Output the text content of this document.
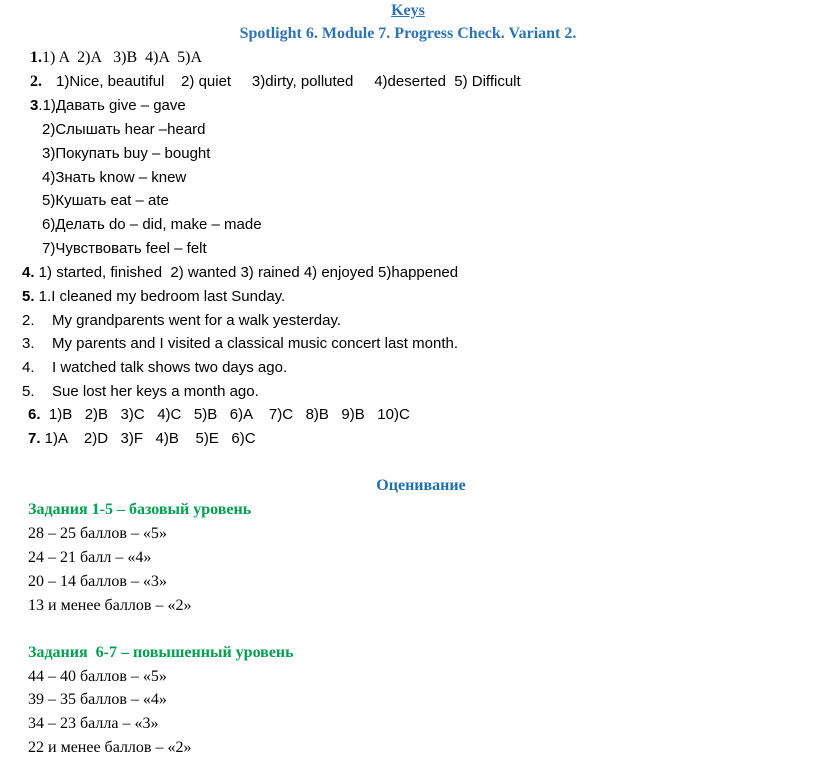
Keys
Spotlight 6. Module 7. Progress Check. Variant 2.
1.1) A  2)A   3)B  4)A  5)A
2. 1)Nice, beautiful    2) quiet     3)dirty, polluted     4)deserted  5) Difficult
3.1)Давать give – gave
2)Слышать hear –heard
3)Покупать buy – bought
4)Знать know – knew
5)Кушать eat – ate
6)Делать do – did, make – made
7)Чувствовать feel – felt
4. 1) started, finished  2) wanted 3) rained 4) enjoyed 5)happened
5. 1.I cleaned my bedroom last Sunday.
2. My grandparents went for a walk yesterday.
3. My parents and I visited a classical music concert last month.
4. I watched talk shows two days ago.
5. Sue lost her keys a month ago.
6.  1)B   2)B   3)C   4)C   5)B   6)A    7)C   8)B   9)B   10)C
7. 1)A    2)D   3)F   4)B    5)E   6)C
Оценивание
Задания 1-5 – базовый уровень
28 – 25 баллов – «5»
24 – 21 балл – «4»
20 – 14 баллов – «3»
13 и менее баллов – «2»
Задания  6-7 – повышенный уровень
44 – 40 баллов – «5»
39 – 35 баллов – «4»
34 – 23 балла – «3»
22 и менее баллов – «2»
